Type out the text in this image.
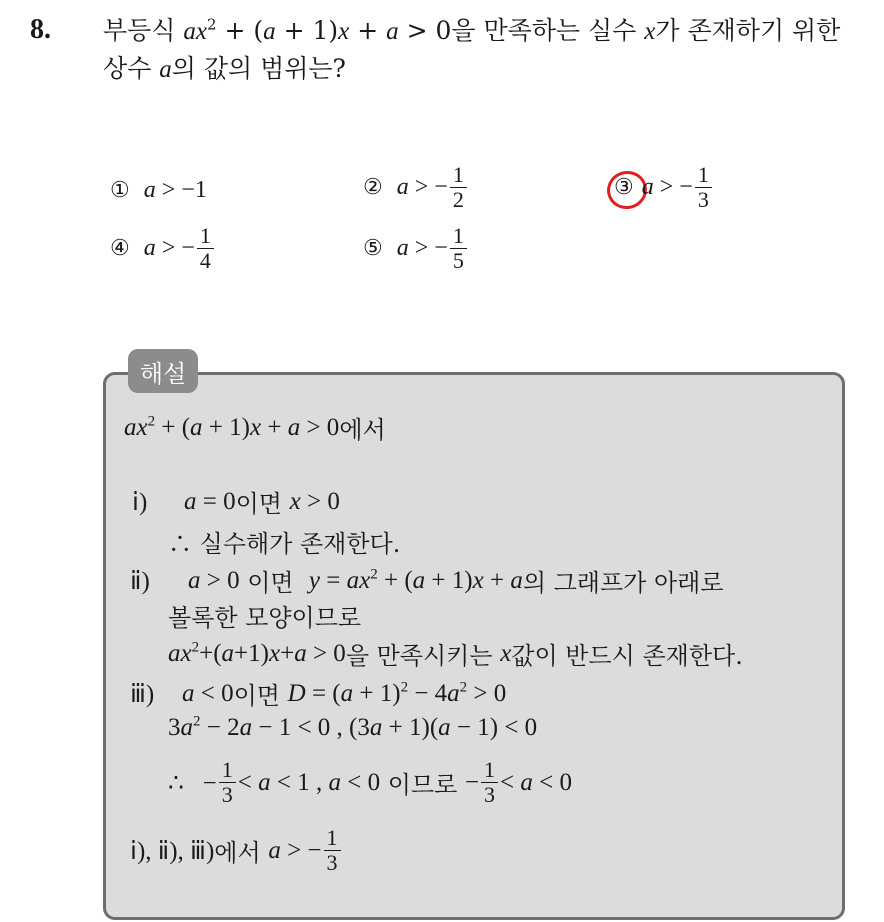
8. 부등식 $ax^2 + (a + 1)x + a > 0$을 만족하는 실수 x가 존재하기 위한
상수 a의 값의 범위는?
① a > −1	② a > − $\frac{1}{2}$	③ a > − $\frac{1}{3}$
④ a > − $\frac{1}{4}$	⑤ a > − $\frac{1}{5}$
해설
$ax^2 + (a + 1)x + a > 0$ 에서
ⅰ)	a = 0 이면
x > 0
∴ 실수해가 존재한다.
ⅱ)	a > 0
이면
$y = ax^2 + (a + 1)x + a$ 의 그래프가 아래로
볼록한 모양이므로
$ax^2+(a+1)x+a > 0$ 을 만족시키는
x 값이 반드시 존재한다.
ⅲ)	a < 0 이면
$D = (a + 1)^2 - 4a^2 > 0$
$3a^2 - 2a - 1 < 0$ , (3a + 1)(a − 1) < 0
∴   − $\frac{1}{3} < a < 1$ , a < 0
이므로
− $\frac{1}{3} < a < 0$
ⅰ), ⅱ), ⅲ) 에서
a > − $\frac{1}{3}$
